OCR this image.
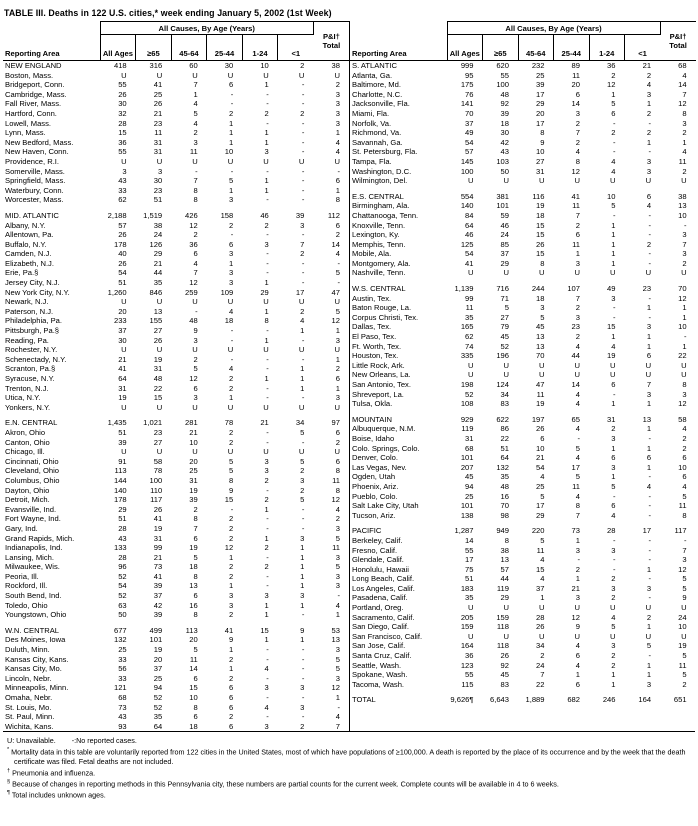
TABLE III. Deaths in 122 U.S. cities,* week ending January 5, 2002 (1st Week)
Reporting Area	All Causes, By Age (Years)						P&I† Total
	All Ages	≥65	45-64	25-44	1-24	<1	
NEW ENGLAND	418	316	60	30	10	2	38
Boston, Mass.	U	U	U	U	U	U	U
Bridgeport, Conn.	55	41	7	6	1	-	2
Cambridge, Mass.	26	25	1	-	-	-	3
Fall River, Mass.	30	26	4	-	-	-	3
Hartford, Conn.	32	21	5	2	2	2	3
Lowell, Mass.	28	23	4	1	-	-	3
Lynn, Mass.	15	11	2	1	1	-	1
New Bedford, Mass.	36	31	3	1	1	-	4
New Haven, Conn.	55	31	11	10	3	-	4
Providence, R.I.	U	U	U	U	U	U	U
Somerville, Mass.	3	3	-	-	-	-	-
Springfield, Mass.	43	30	7	5	1	-	6
Waterbury, Conn.	33	23	8	1	1	-	1
Worcester, Mass.	62	51	8	3	-	-	8
MID. ATLANTIC	2,188	1,519	426	158	46	39	112
Albany, N.Y.	57	38	12	2	2	3	6
Allentown, Pa.	26	24	2	-	-	-	2
Buffalo, N.Y.	178	126	36	6	3	7	14
Camden, N.J.	40	29	6	3	-	2	4
Elizabeth, N.J.	26	21	4	1	-	-	-
Erie, Pa.§	54	44	7	3	-	-	5
Jersey City, N.J.	51	35	12	3	1	-	-
New York City, N.Y.	1,260	846	259	109	29	17	47
Newark, N.J.	U	U	U	U	U	U	U
Paterson, N.J.	20	13	-	4	1	2	5
Philadelphia, Pa.	233	155	48	18	8	4	12
Pittsburgh, Pa.§	37	27	9	-	-	1	1
Reading, Pa.	30	26	3	-	1	-	3
Rochester, N.Y.	U	U	U	U	U	U	U
Schenectady, N.Y.	21	19	2	-	-	-	1
Scranton, Pa.§	41	31	5	4	-	1	2
Syracuse, N.Y.	64	48	12	2	1	1	6
Trenton, N.J.	31	22	6	2	-	1	1
Utica, N.Y.	19	15	3	1	-	-	3
Yonkers, N.Y.	U	U	U	U	U	U	U
E.N. CENTRAL	1,435	1,021	281	78	21	34	97
Akron, Ohio	51	23	21	2	-	5	6
Canton, Ohio	39	27	10	2	-	-	2
Chicago, Ill.	U	U	U	U	U	U	U
Cincinnati, Ohio	91	58	20	5	3	5	6
Cleveland, Ohio	113	78	25	5	3	2	8
Columbus, Ohio	144	100	31	8	2	3	11
Dayton, Ohio	140	110	19	9	-	2	8
Detroit, Mich.	178	117	39	15	2	5	12
Evansville, Ind.	29	26	2	-	1	-	4
Fort Wayne, Ind.	51	41	8	2	-	-	2
Gary, Ind.	28	19	7	2	-	-	3
Grand Rapids, Mich.	43	31	6	2	1	3	5
Indianapolis, Ind.	133	99	19	12	2	1	11
Lansing, Mich.	28	21	5	1	-	1	3
Milwaukee, Wis.	96	73	18	2	2	1	5
Peoria, Ill.	52	41	8	2	-	1	3
Rockford, Ill.	54	39	13	1	-	1	3
South Bend, Ind.	52	37	6	3	3	3	-
Toledo, Ohio	63	42	16	3	1	1	4
Youngstown, Ohio	50	39	8	2	1	-	1
W.N. CENTRAL	677	499	113	41	15	9	53
Des Moines, Iowa	132	101	20	9	1	1	13
Duluth, Minn.	25	19	5	1	-	-	3
Kansas City, Kans.	33	20	11	2	-	-	5
Kansas City, Mo.	56	37	14	1	4	-	5
Lincoln, Nebr.	33	25	6	2	-	-	3
Minneapolis, Minn.	121	94	15	6	3	3	12
Omaha, Nebr.	68	52	10	6	-	-	1
St. Louis, Mo.	73	52	8	6	4	3	-
St. Paul, Minn.	43	35	6	2	-	-	4
Wichita, Kans.	93	64	18	6	3	2	7
Reporting Area	All Causes, By Age (Years)						P&I† Total
	All Ages	≥65	45-64	25-44	1-24	<1	
S. ATLANTIC	999	620	232	89	36	21	68
Atlanta, Ga.	95	55	25	11	2	2	4
Baltimore, Md.	175	100	39	20	12	4	14
Charlotte, N.C.	76	48	17	6	1	3	7
Jacksonville, Fla.	141	92	29	14	5	1	12
Miami, Fla.	70	39	20	3	6	2	8
Norfolk, Va.	37	18	17	2	-	-	3
Richmond, Va.	49	30	8	7	2	2	2
Savannah, Ga.	54	42	9	2	-	1	1
St. Petersburg, Fla.	57	43	10	4	-	-	4
Tampa, Fla.	145	103	27	8	4	3	11
Washington, D.C.	100	50	31	12	4	3	2
Wilmington, Del.	U	U	U	U	U	U	U
E.S. CENTRAL	554	381	116	41	10	6	38
Birmingham, Ala.	140	101	19	11	5	4	13
Chattanooga, Tenn.	84	59	18	7	-	-	10
Knoxville, Tenn.	64	46	15	2	1	-	-
Lexington, Ky.	46	24	15	6	1	-	3
Memphis, Tenn.	125	85	26	11	1	2	7
Mobile, Ala.	54	37	15	1	1	-	3
Montgomery, Ala.	41	29	8	3	1	-	2
Nashville, Tenn.	U	U	U	U	U	U	U
W.S. CENTRAL	1,139	716	244	107	49	23	70
Austin, Tex.	99	71	18	7	3	-	12
Baton Rouge, La.	11	5	3	2	-	1	1
Corpus Christi, Tex.	35	27	5	3	-	-	1
Dallas, Tex.	165	79	45	23	15	3	10
El Paso, Tex.	62	45	13	2	1	1	-
Ft. Worth, Tex.	74	52	13	4	4	1	1
Houston, Tex.	335	196	70	44	19	6	22
Little Rock, Ark.	U	U	U	U	U	U	U
New Orleans, La.	U	U	U	U	U	U	U
San Antonio, Tex.	198	124	47	14	6	7	8
Shreveport, La.	52	34	11	4	-	3	3
Tulsa, Okla.	108	83	19	4	1	1	12
MOUNTAIN	929	622	197	65	31	13	58
Albuquerque, N.M.	119	86	26	4	2	1	4
Boise, Idaho	31	22	6	-	3	-	2
Colo. Springs, Colo.	68	51	10	5	1	1	2
Denver, Colo.	101	64	21	4	6	6	6
Las Vegas, Nev.	207	132	54	17	3	1	10
Ogden, Utah	45	35	4	5	1	-	6
Phoenix, Ariz.	94	48	25	11	5	4	4
Pueblo, Colo.	25	16	5	4	-	-	5
Salt Lake City, Utah	101	70	17	8	6	-	11
Tucson, Ariz.	138	98	29	7	4	-	8
PACIFIC	1,287	949	220	73	28	17	117
Berkeley, Calif.	14	8	5	1	-	-	-
Fresno, Calif.	55	38	11	3	3	-	7
Glendale, Calif.	17	13	4	-	-	-	3
Honolulu, Hawaii	75	57	15	2	-	1	12
Long Beach, Calif.	51	44	4	1	2	-	5
Los Angeles, Calif.	183	119	37	21	3	3	5
Pasadena, Calif.	35	29	1	3	2	-	9
Portland, Oreg.	U	U	U	U	U	U	U
Sacramento, Calif.	205	159	28	12	4	2	24
San Diego, Calif.	159	118	26	9	5	1	10
San Francisco, Calif.	U	U	U	U	U	U	U
San Jose, Calif.	164	118	34	4	3	5	19
Santa Cruz, Calif.	36	26	2	6	2	-	5
Seattle, Wash.	123	92	24	4	2	1	11
Spokane, Wash.	55	45	7	1	1	1	5
Tacoma, Wash.	115	83	22	6	1	3	2
TOTAL	9,626¶	6,643	1,889	682	246	164	651
U: Unavailable.        -:No reported cases.
* Mortality data in this table are voluntarily reported from 122 cities in the United States, most of which have populations of ≥100,000. A death is reported by the place of its occurrence and by the week that the death certificate was filed. Fetal deaths are not included.
† Pneumonia and influenza.
§ Because of changes in reporting methods in this Pennsylvania city, these numbers are partial counts for the current week. Complete counts will be available in 4 to 6 weeks.
¶ Total includes unknown ages.
